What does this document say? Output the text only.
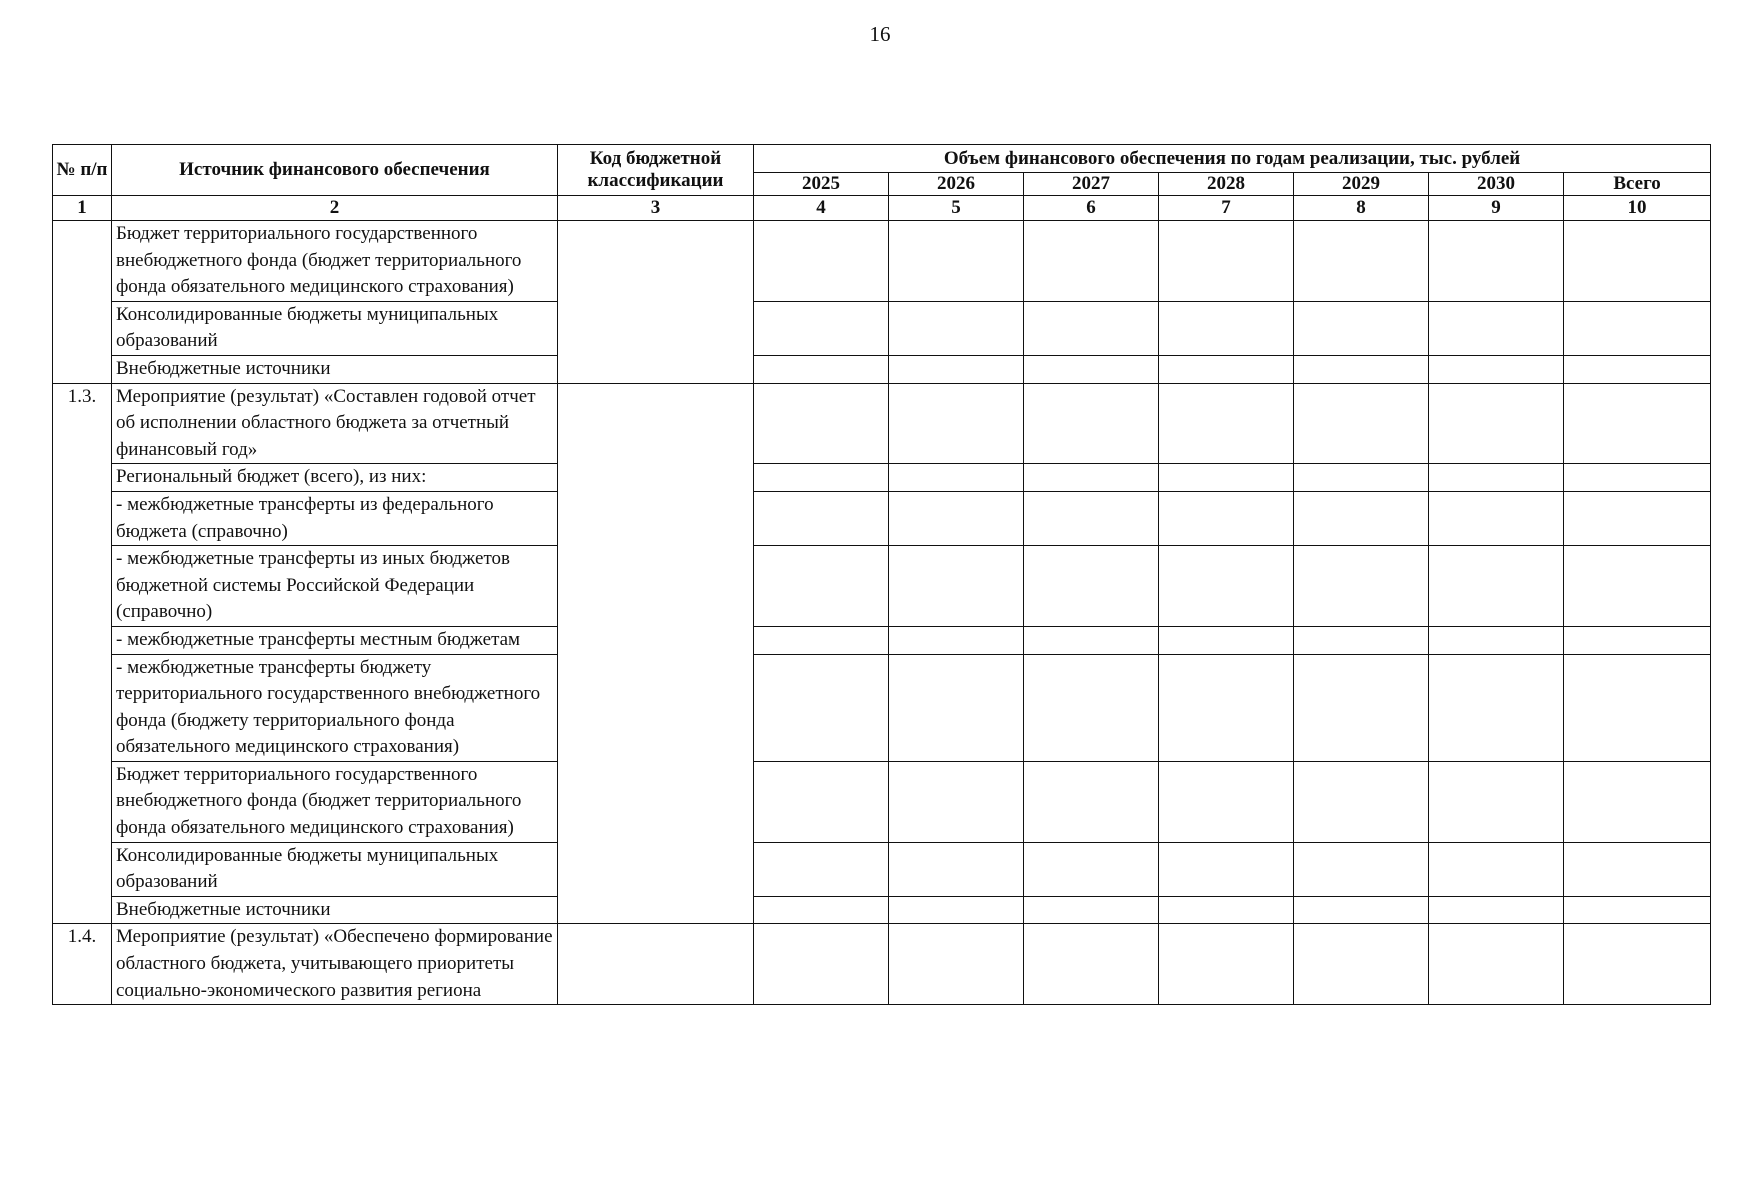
16
№ п/п	Источник финансового обеспечения	Код бюджетной классификации	Объем финансового обеспечения по годам реализации, тыс. рублей						
			2025	2026	2027	2028	2029	2030	Всего
1	2	3	4	5	6	7	8	9	10
	Бюджет территориального государственного внебюджетного фонда (бюджет территориального фонда обязательного медицинского страхования)								
	Консолидированные бюджеты муниципальных образований								
	Внебюджетные источники								
1.3.	Мероприятие (результат) «Составлен годовой отчет об исполнении областного бюджета за отчетный финансовый год»								
	Региональный бюджет (всего), из них:								
	- межбюджетные трансферты из федерального бюджета (справочно)								
	- межбюджетные трансферты из иных бюджетов бюджетной системы Российской Федерации (справочно)								
	- межбюджетные трансферты местным бюджетам								
	- межбюджетные трансферты бюджету территориального государственного внебюджетного фонда (бюджету территориального фонда обязательного медицинского страхования)								
	Бюджет территориального государственного внебюджетного фонда (бюджет территориального фонда обязательного медицинского страхования)								
	Консолидированные бюджеты муниципальных образований								
	Внебюджетные источники								
1.4.	Мероприятие (результат) «Обеспечено формирование областного бюджета, учитывающего приоритеты социально-экономического развития региона								
